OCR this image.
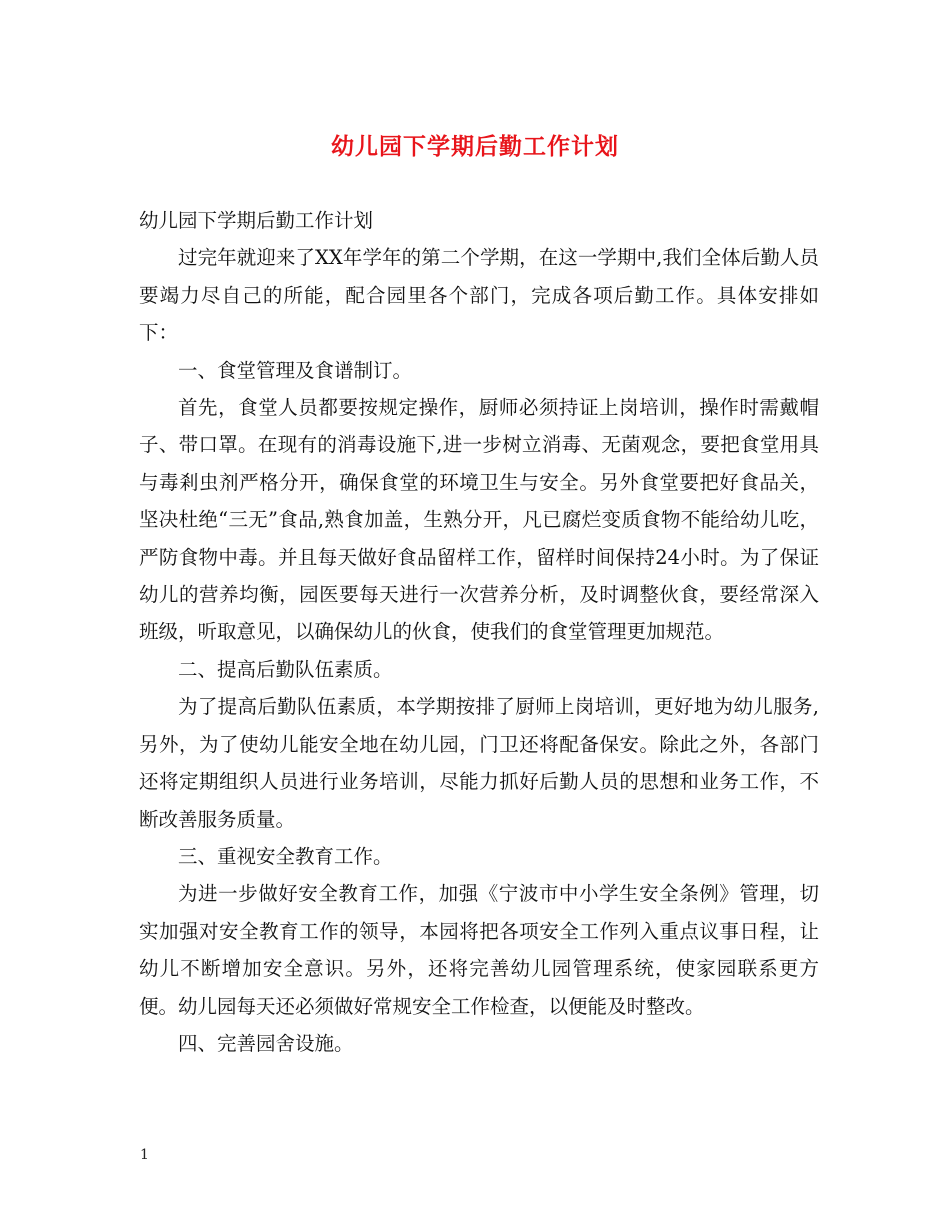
幼儿园下学期后勤工作计划

幼儿园下学期后勤工作计划

过完年就迎来了XX年学年的第二个学期，在这一学期中,我们全体后勤人员要竭力尽自己的所能，配合园里各个部门，完成各项后勤工作。具体安排如下：

一、食堂管理及食谱制订。

首先，食堂人员都要按规定操作，厨师必须持证上岗培训，操作时需戴帽子、带口罩。在现有的消毒设施下,进一步树立消毒、无菌观念，要把食堂用具与毒剎虫剂严格分开，确保食堂的环境卫生与安全。另外食堂要把好食品关，坚决杜绝“三无”食品,熟食加盖，生熟分开，凡已腐烂变质食物不能给幼儿吃，严防食物中毒。并且每天做好食品留样工作，留样时间保持24小时。为了保证幼儿的营养均衡，园医要每天进行一次营养分析，及时调整伙食，要经常深入班级，听取意见，以确保幼儿的伙食，使我们的食堂管理更加规范。

二、提高后勤队伍素质。

为了提高后勤队伍素质，本学期按排了厨师上岗培训，更好地为幼儿服务,另外，为了使幼儿能安全地在幼儿园，门卫还将配备保安。除此之外，各部门还将定期组织人员进行业务培训，尽能力抓好后勤人员的思想和业务工作，不断改善服务质量。

三、重视安全教育工作。

为进一步做好安全教育工作，加强《宁波市中小学生安全条例》管理，切实加强对安全教育工作的领导，本园将把各项安全工作列入重点议事日程，让幼儿不断增加安全意识。另外，还将完善幼儿园管理系统，使家园联系更方便。幼儿园每天还必须做好常规安全工作检查，以便能及时整改。

四、完善园舍设施。

1
